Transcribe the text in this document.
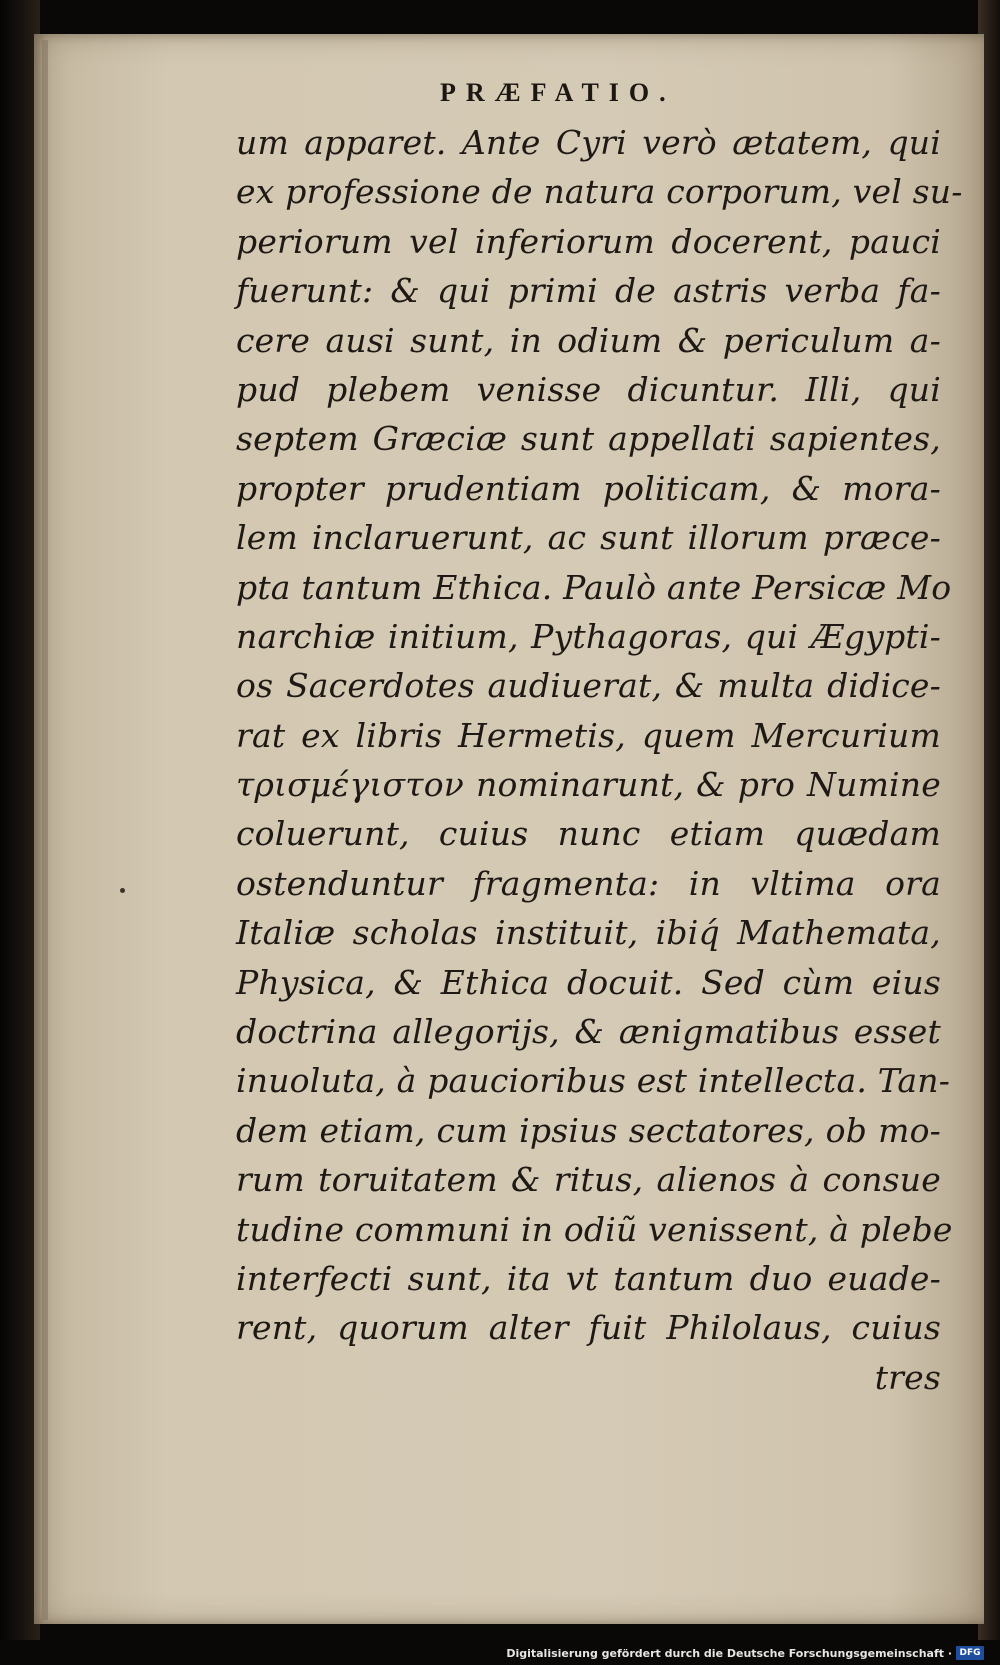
PRÆFATIO.
um apparet. Ante Cyri verò ætatem, qui
ex professione de natura corporum, vel su-
periorum vel inferiorum docerent, pauci
fuerunt: & qui primi de astris verba fa-
cere ausi sunt, in odium & periculum a-
pud plebem venisse dicuntur. Illi, qui
septem Græciæ sunt appellati sapientes,
propter prudentiam politicam, & mora-
lem inclaruerunt, ac sunt illorum præce-
pta tantum Ethica. Paulò ante Persicæ Mo
narchiæ initium, Pythagoras, qui Ægypti-
os Sacerdotes audiuerat, & multa didice-
rat ex libris Hermetis, quem Mercurium
τρισμέγιστον nominarunt, & pro Numine
coluerunt, cuius nunc etiam quædam
ostenduntur fragmenta: in vltima ora
Italiæ scholas instituit, ibiq́ Mathemata,
Physica, & Ethica docuit. Sed cùm eius
doctrina allegorijs, & ænigmatibus esset
inuoluta, à paucioribus est intellecta. Tan-
dem etiam, cum ipsius sectatores, ob mo-
rum toruitatem & ritus, alienos à consue
tudine communi in odiũ venissent, à plebe
interfecti sunt, ita vt tantum duo euade-
rent, quorum alter fuit Philolaus, cuius
tres
Digitalisierung gefördert durch die Deutsche Forschungsgemeinschaft · DFG
